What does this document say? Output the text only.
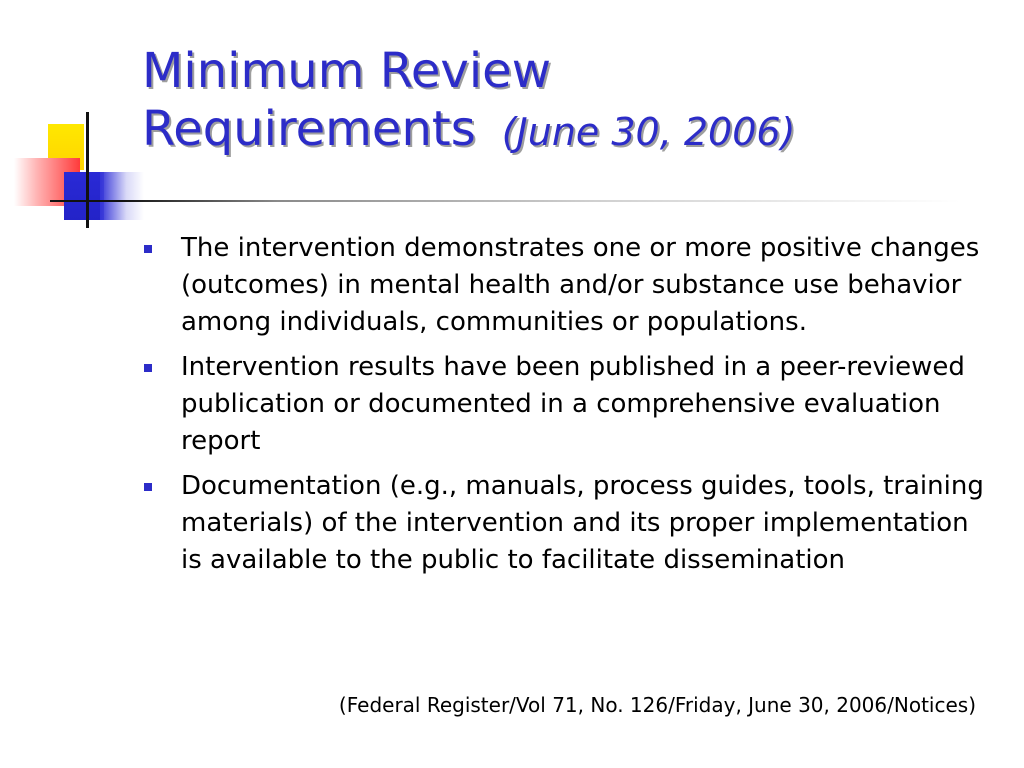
Minimum Review
Requirements (June 30, 2006)
The intervention demonstrates one or more positive changes (outcomes) in mental health and/or substance use behavior among individuals, communities or populations.
Intervention results have been published in a peer-reviewed publication or documented in a comprehensive evaluation report
Documentation (e.g., manuals, process guides, tools, training materials) of the intervention and its proper implementation is available to the public to facilitate dissemination

(Federal Register/Vol 71, No. 126/Friday, June 30, 2006/Notices)
